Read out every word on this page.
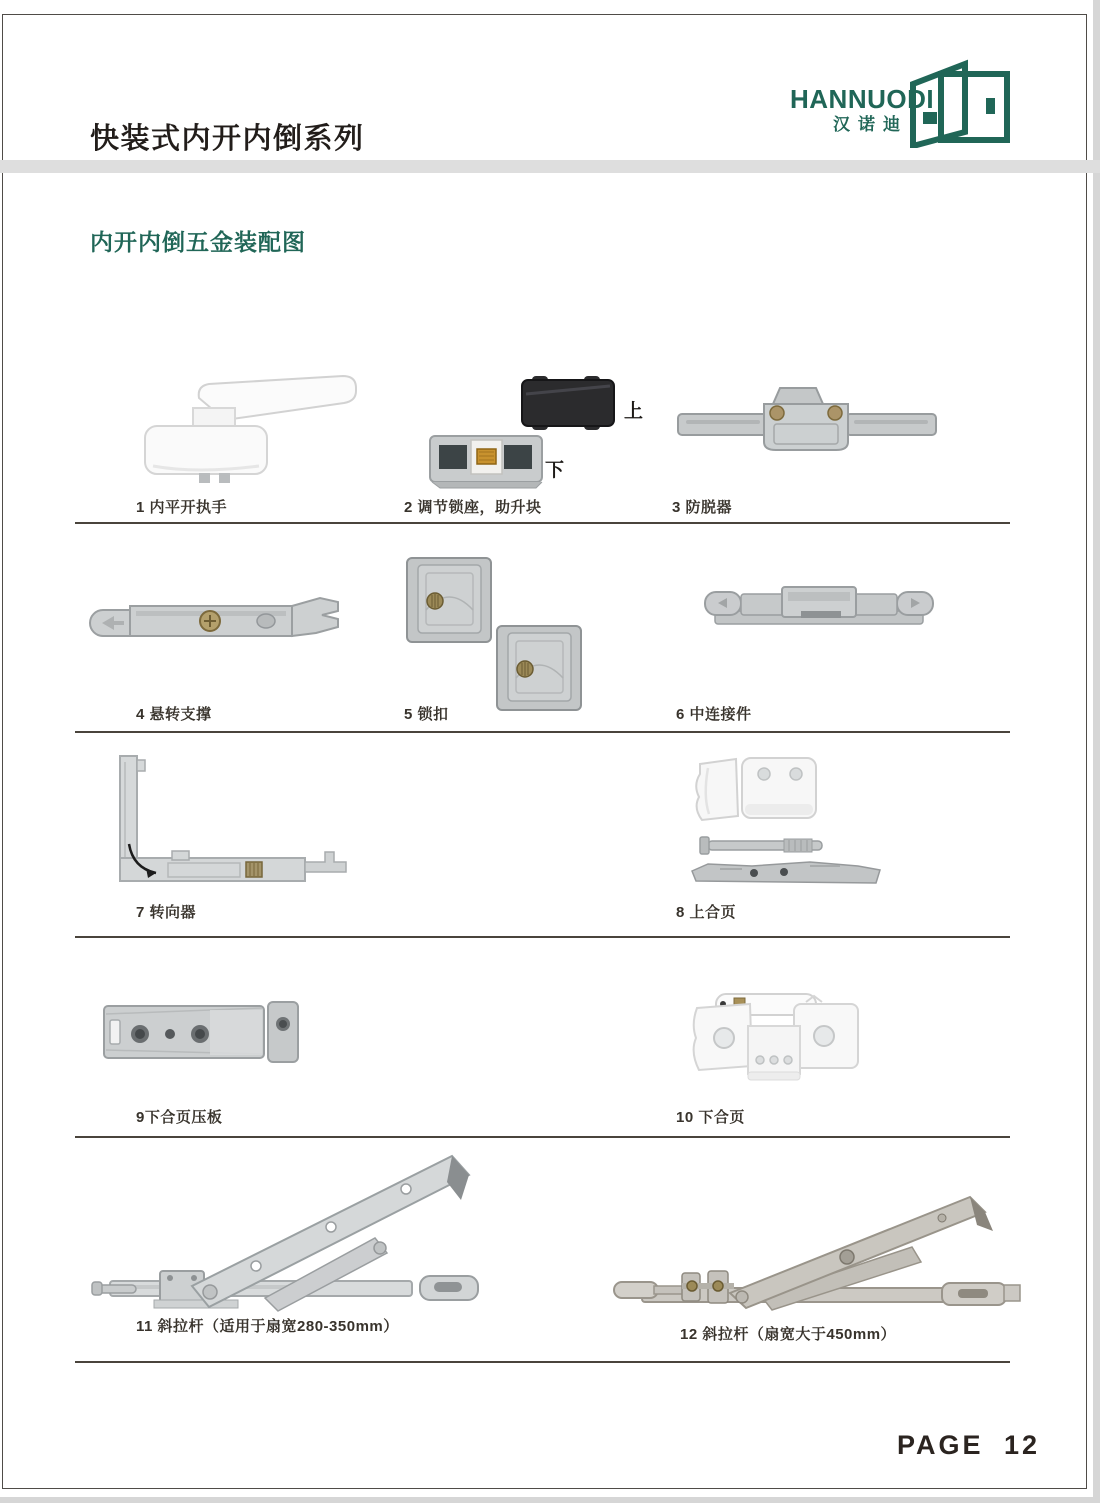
快装式内开内倒系列
HANNUODI
汉诺迪
内开内倒五金装配图
1 内平开执手
上
下
2 调节锁座，助升块	3 防脱器
4 悬转支撑	5 锁扣	6 中连接件
7 转向器	8 上合页
9下合页压板	10 下合页
11 斜拉杆（适用于扇宽280-350mm）	12 斜拉杆（扇宽大于450mm）
PAGE 12
